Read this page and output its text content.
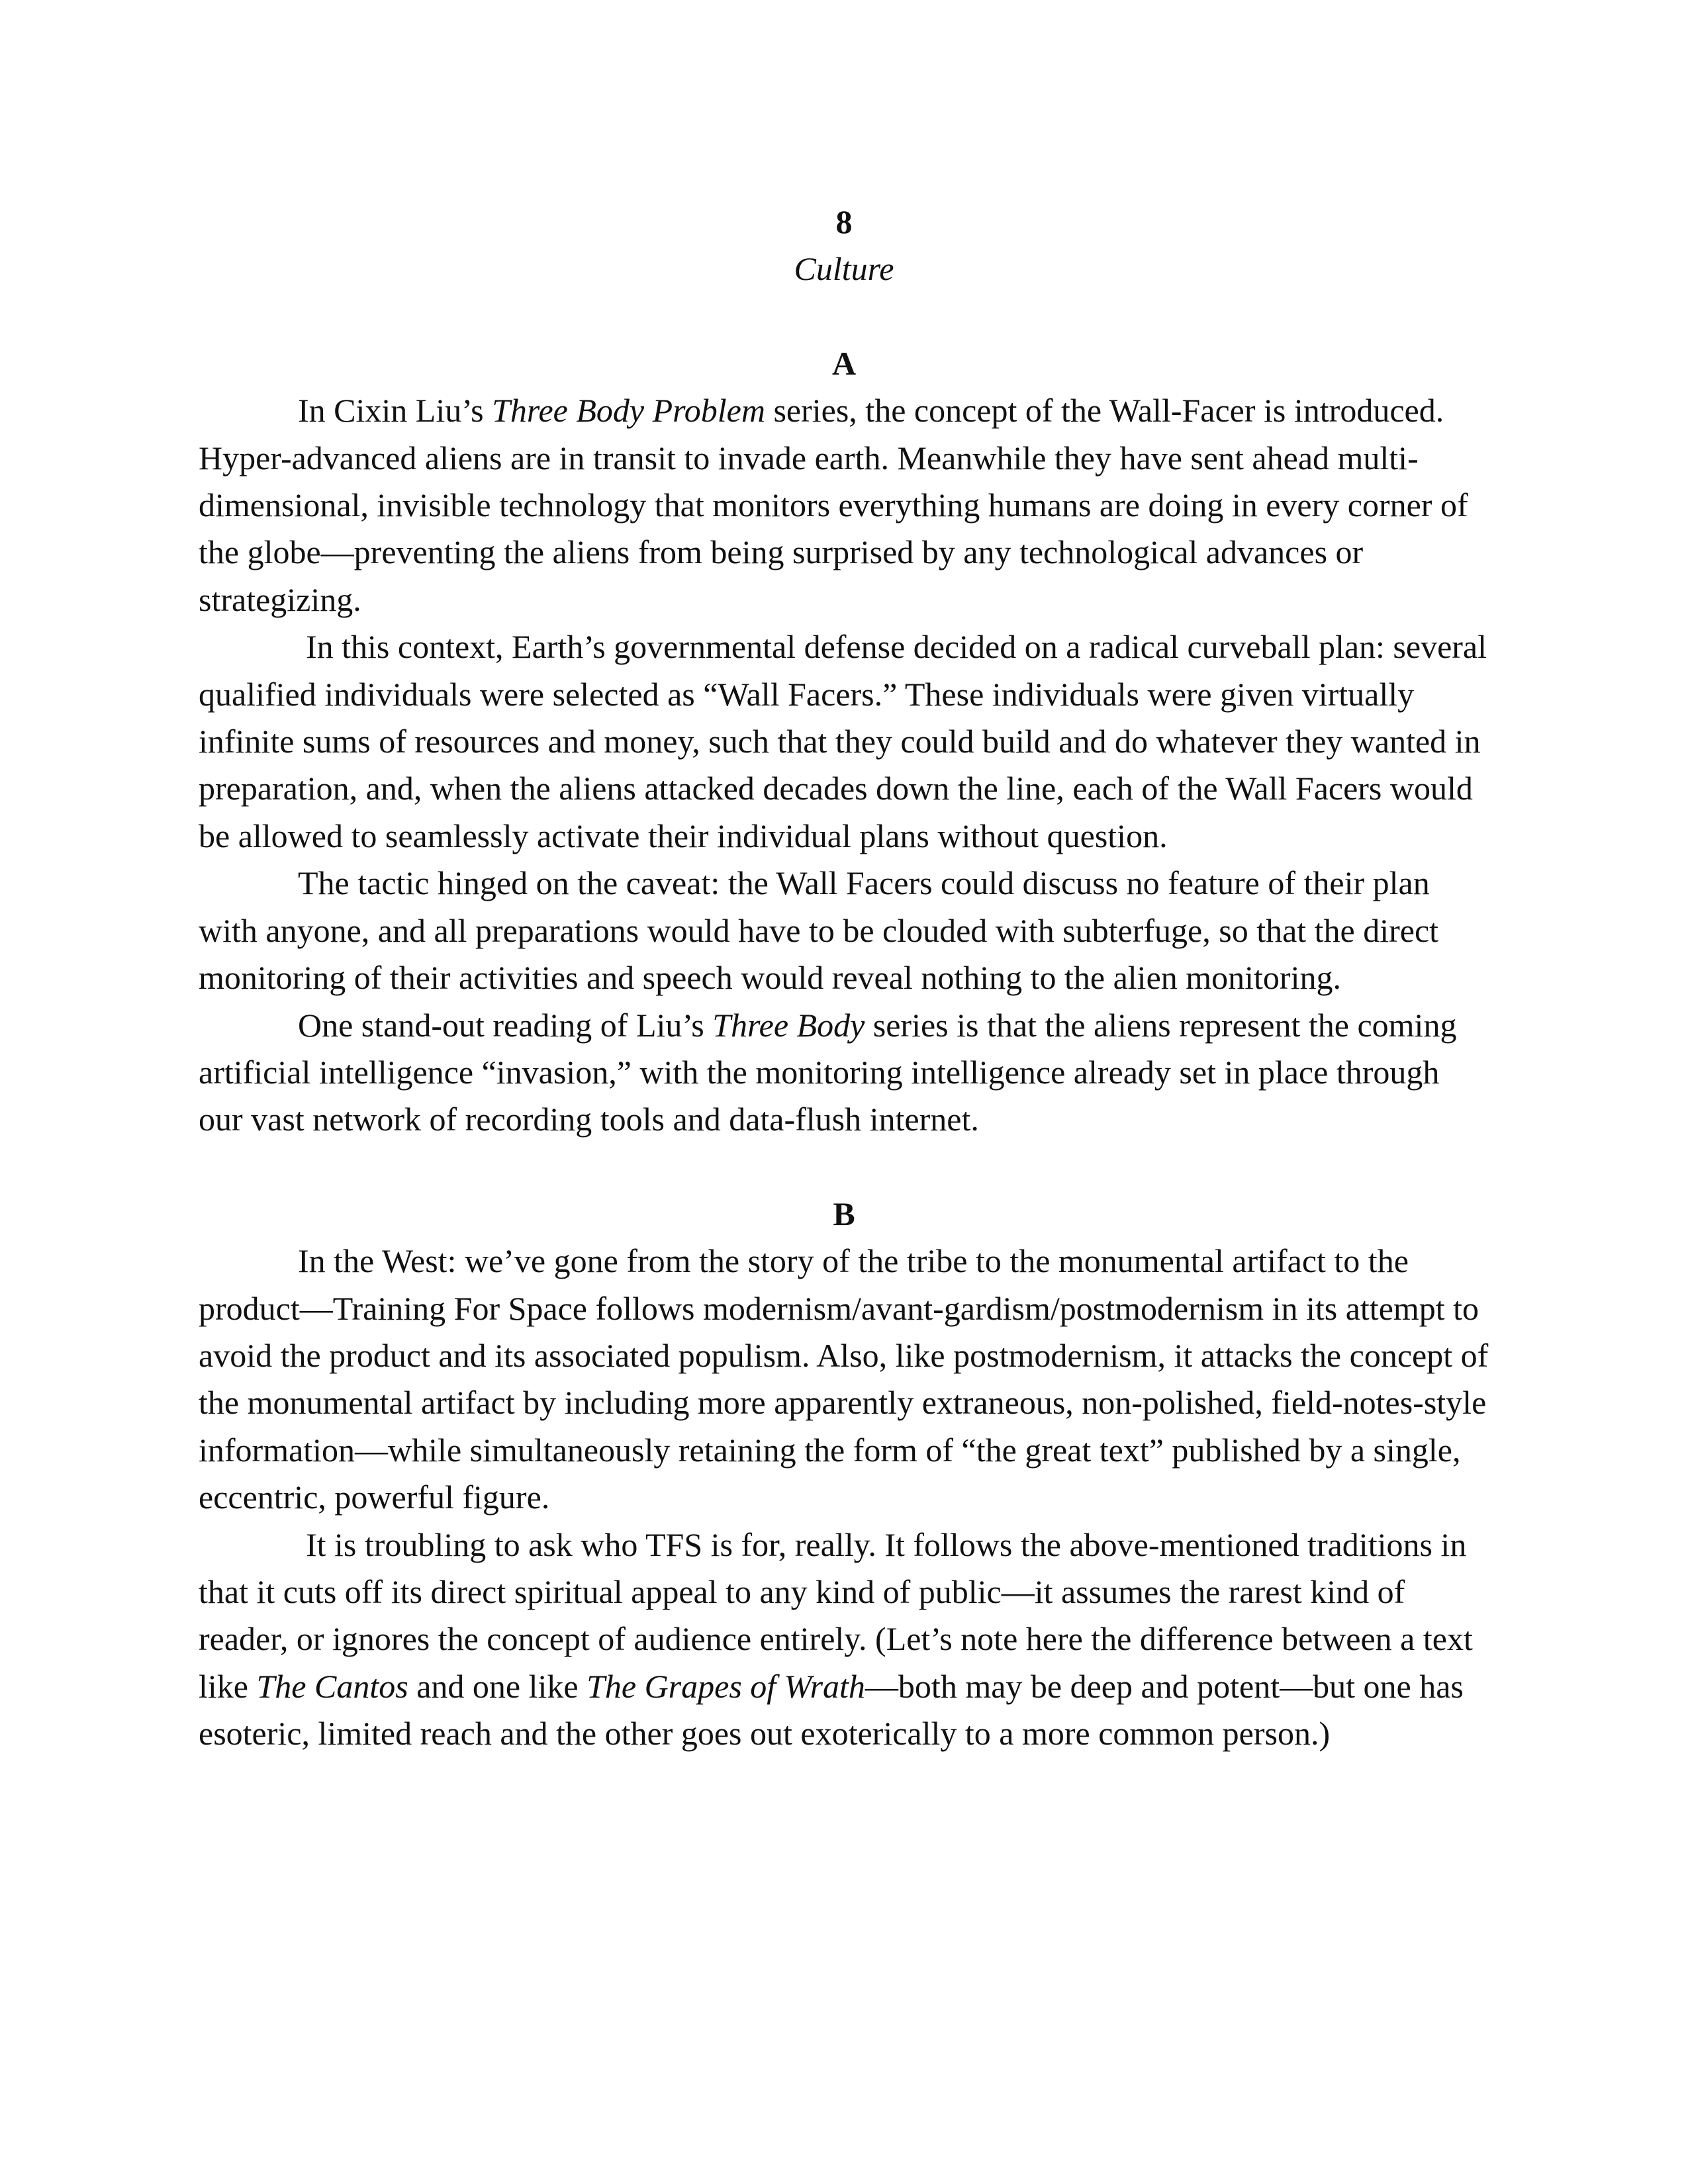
8
Culture
A

In Cixin Liu’s Three Body Problem series, the concept of the Wall-Facer is introduced. Hyper-advanced aliens are in transit to invade earth. Meanwhile they have sent ahead multi-dimensional, invisible technology that monitors everything humans are doing in every corner of the globe—preventing the aliens from being surprised by any technological advances or strategizing.

In this context, Earth’s governmental defense decided on a radical curveball plan: several qualified individuals were selected as “Wall Facers.” These individuals were given virtually infinite sums of resources and money, such that they could build and do whatever they wanted in preparation, and, when the aliens attacked decades down the line, each of the Wall Facers would be allowed to seamlessly activate their individual plans without question.

The tactic hinged on the caveat: the Wall Facers could discuss no feature of their plan with anyone, and all preparations would have to be clouded with subterfuge, so that the direct monitoring of their activities and speech would reveal nothing to the alien monitoring.

One stand-out reading of Liu’s Three Body series is that the aliens represent the coming artificial intelligence “invasion,” with the monitoring intelligence already set in place through our vast network of recording tools and data-flush internet.

B

In the West: we’ve gone from the story of the tribe to the monumental artifact to the product—Training For Space follows modernism/avant-gardism/postmodernism in its attempt to avoid the product and its associated populism. Also, like postmodernism, it attacks the concept of the monumental artifact by including more apparently extraneous, non-polished, field-notes-style information—while simultaneously retaining the form of “the great text” published by a single, eccentric, powerful figure.

It is troubling to ask who TFS is for, really. It follows the above-mentioned traditions in that it cuts off its direct spiritual appeal to any kind of public—it assumes the rarest kind of reader, or ignores the concept of audience entirely. (Let’s note here the difference between a text like The Cantos and one like The Grapes of Wrath—both may be deep and potent—but one has esoteric, limited reach and the other goes out exoterically to a more common person.)
